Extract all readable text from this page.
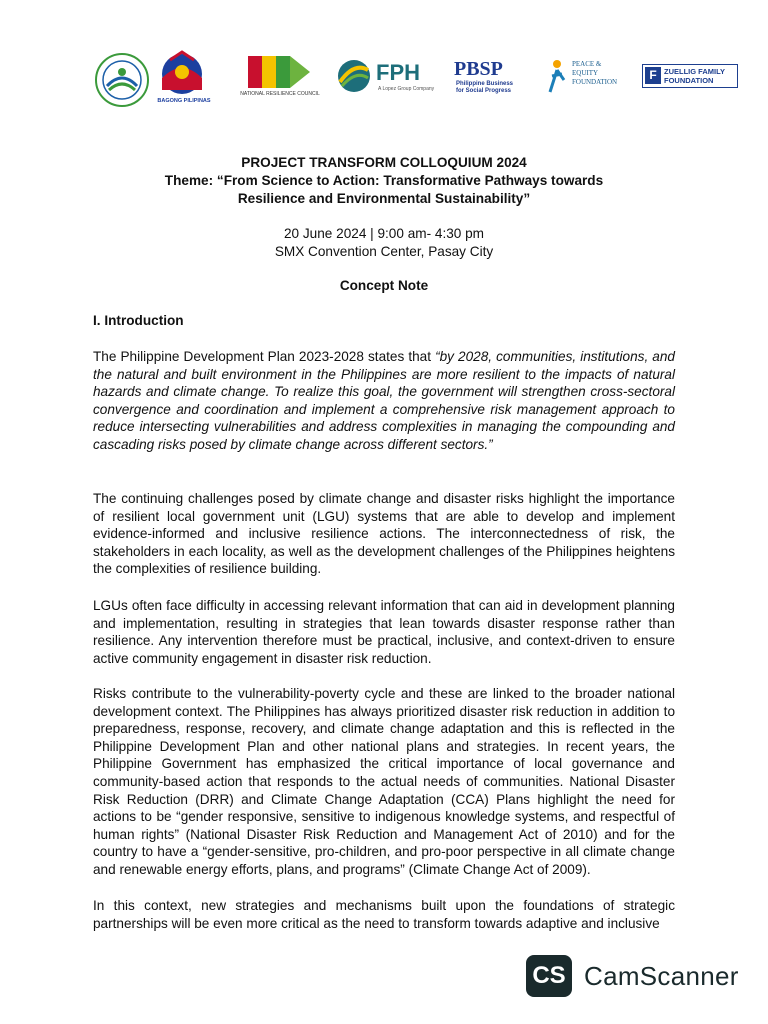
BAGONG PILIPINAS
NATIONAL RESILIENCE COUNCIL
FPH
A Lopez Group Company
PBSP
Philippine Business
for Social Progress
PEACE &
EQUITY
FOUNDATION	F ZUELLIG FAMILY
FOUNDATION
PROJECT TRANSFORM COLLOQUIUM 2024
Theme: “From Science to Action: Transformative Pathways towards
Resilience and Environmental Sustainability”
20 June 2024 | 9:00 am- 4:30 pm
SMX Convention Center, Pasay City
Concept Note
I. Introduction

The Philippine Development Plan 2023-2028 states that “by 2028, communities, institutions, and the natural and built environment in the Philippines are more resilient to the impacts of natural hazards and climate change. To realize this goal, the government will strengthen cross-sectoral convergence and coordination and implement a comprehensive risk management approach to reduce intersecting vulnerabilities and address complexities in managing the compounding and cascading risks posed by climate change across different sectors.”

The continuing challenges posed by climate change and disaster risks highlight the importance of resilient local government unit (LGU) systems that are able to develop and implement evidence-informed and inclusive resilience actions. The interconnectedness of risk, the stakeholders in each locality, as well as the development challenges of the Philippines heightens the complexities of resilience building.

LGUs often face difficulty in accessing relevant information that can aid in development planning and implementation, resulting in strategies that lean towards disaster response rather than resilience. Any intervention therefore must be practical, inclusive, and context-driven to ensure active community engagement in disaster risk reduction.

Risks contribute to the vulnerability-poverty cycle and these are linked to the broader national development context. The Philippines has always prioritized disaster risk reduction in addition to preparedness, response, recovery, and climate change adaptation and this is reflected in the Philippine Development Plan and other national plans and strategies. In recent years, the Philippine Government has emphasized the critical importance of local governance and community-based action that responds to the actual needs of communities. National Disaster Risk Reduction (DRR) and Climate Change Adaptation (CCA) Plans highlight the need for actions to be “gender responsive, sensitive to indigenous knowledge systems, and respectful of human rights” (National Disaster Risk Reduction and Management Act of 2010) and for the country to have a “gender-sensitive, pro-children, and pro-poor perspective in all climate change and renewable energy efforts, plans, and programs” (Climate Change Act of 2009).

In this context, new strategies and mechanisms built upon the foundations of strategic partnerships will be even more critical as the need to transform towards adaptive and inclusive

CS CamScanner
